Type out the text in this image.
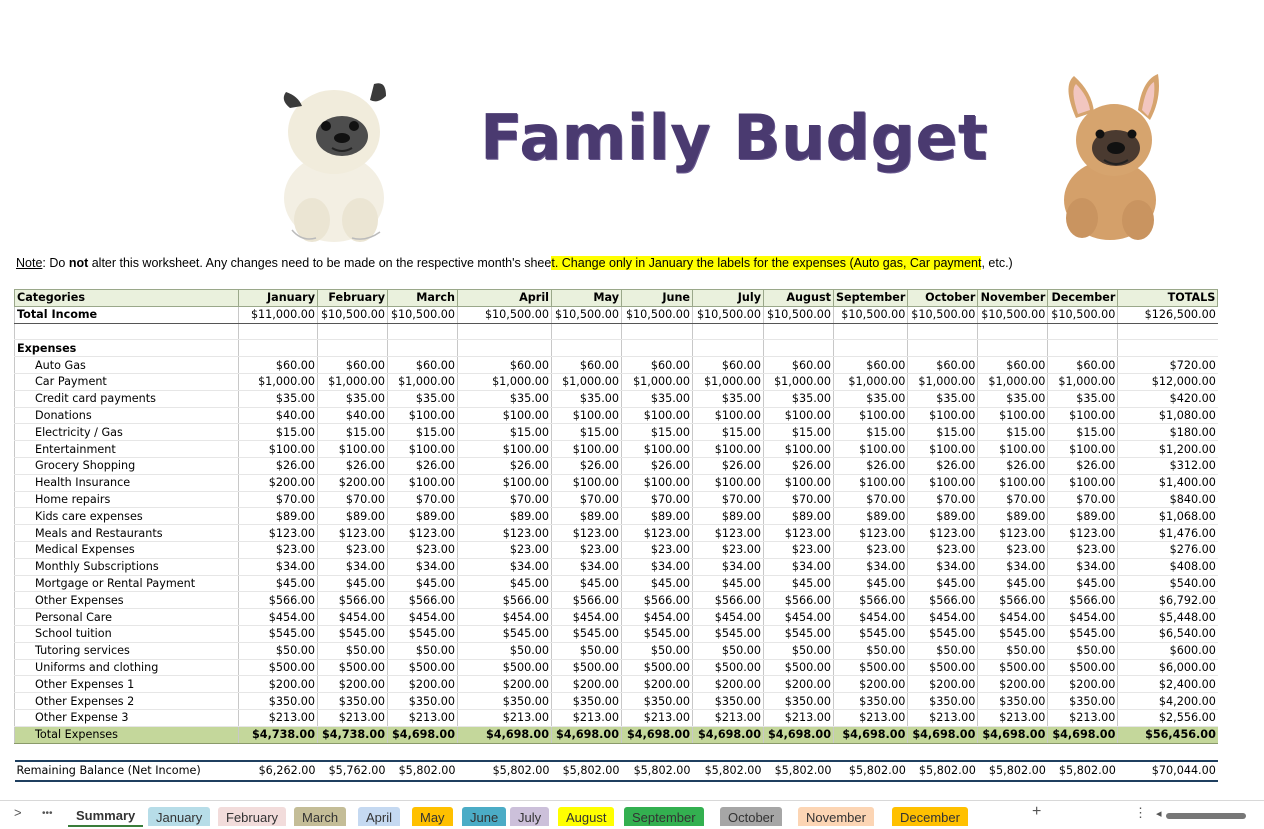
Family Budget
Note: Do not alter this worksheet. Any changes need to be made on the respective month's sheet. Change only in January the labels for the expenses (Auto gas, Car payment, etc.)
Categories	January	February	March	April	May	June	July	August	September	October	November	December	TOTALS
Total Income	$11,000.00	$10,500.00	$10,500.00	$10,500.00	$10,500.00	$10,500.00	$10,500.00	$10,500.00	$10,500.00	$10,500.00	$10,500.00	$10,500.00	$126,500.00

Expenses													
Auto Gas	$60.00	$60.00	$60.00	$60.00	$60.00	$60.00	$60.00	$60.00	$60.00	$60.00	$60.00	$60.00	$720.00
Car Payment	$1,000.00	$1,000.00	$1,000.00	$1,000.00	$1,000.00	$1,000.00	$1,000.00	$1,000.00	$1,000.00	$1,000.00	$1,000.00	$1,000.00	$12,000.00
Credit card payments	$35.00	$35.00	$35.00	$35.00	$35.00	$35.00	$35.00	$35.00	$35.00	$35.00	$35.00	$35.00	$420.00
Donations	$40.00	$40.00	$100.00	$100.00	$100.00	$100.00	$100.00	$100.00	$100.00	$100.00	$100.00	$100.00	$1,080.00
Electricity / Gas	$15.00	$15.00	$15.00	$15.00	$15.00	$15.00	$15.00	$15.00	$15.00	$15.00	$15.00	$15.00	$180.00
Entertainment	$100.00	$100.00	$100.00	$100.00	$100.00	$100.00	$100.00	$100.00	$100.00	$100.00	$100.00	$100.00	$1,200.00
Grocery Shopping	$26.00	$26.00	$26.00	$26.00	$26.00	$26.00	$26.00	$26.00	$26.00	$26.00	$26.00	$26.00	$312.00
Health Insurance	$200.00	$200.00	$100.00	$100.00	$100.00	$100.00	$100.00	$100.00	$100.00	$100.00	$100.00	$100.00	$1,400.00
Home repairs	$70.00	$70.00	$70.00	$70.00	$70.00	$70.00	$70.00	$70.00	$70.00	$70.00	$70.00	$70.00	$840.00
Kids care expenses	$89.00	$89.00	$89.00	$89.00	$89.00	$89.00	$89.00	$89.00	$89.00	$89.00	$89.00	$89.00	$1,068.00
Meals and Restaurants	$123.00	$123.00	$123.00	$123.00	$123.00	$123.00	$123.00	$123.00	$123.00	$123.00	$123.00	$123.00	$1,476.00
Medical Expenses	$23.00	$23.00	$23.00	$23.00	$23.00	$23.00	$23.00	$23.00	$23.00	$23.00	$23.00	$23.00	$276.00
Monthly Subscriptions	$34.00	$34.00	$34.00	$34.00	$34.00	$34.00	$34.00	$34.00	$34.00	$34.00	$34.00	$34.00	$408.00
Mortgage or Rental Payment	$45.00	$45.00	$45.00	$45.00	$45.00	$45.00	$45.00	$45.00	$45.00	$45.00	$45.00	$45.00	$540.00
Other Expenses	$566.00	$566.00	$566.00	$566.00	$566.00	$566.00	$566.00	$566.00	$566.00	$566.00	$566.00	$566.00	$6,792.00
Personal Care	$454.00	$454.00	$454.00	$454.00	$454.00	$454.00	$454.00	$454.00	$454.00	$454.00	$454.00	$454.00	$5,448.00
School tuition	$545.00	$545.00	$545.00	$545.00	$545.00	$545.00	$545.00	$545.00	$545.00	$545.00	$545.00	$545.00	$6,540.00
Tutoring services	$50.00	$50.00	$50.00	$50.00	$50.00	$50.00	$50.00	$50.00	$50.00	$50.00	$50.00	$50.00	$600.00
Uniforms and clothing	$500.00	$500.00	$500.00	$500.00	$500.00	$500.00	$500.00	$500.00	$500.00	$500.00	$500.00	$500.00	$6,000.00
Other Expenses 1	$200.00	$200.00	$200.00	$200.00	$200.00	$200.00	$200.00	$200.00	$200.00	$200.00	$200.00	$200.00	$2,400.00
Other Expenses 2	$350.00	$350.00	$350.00	$350.00	$350.00	$350.00	$350.00	$350.00	$350.00	$350.00	$350.00	$350.00	$4,200.00
Other Expense 3	$213.00	$213.00	$213.00	$213.00	$213.00	$213.00	$213.00	$213.00	$213.00	$213.00	$213.00	$213.00	$2,556.00
Total Expenses	$4,738.00	$4,738.00	$4,698.00	$4,698.00	$4,698.00	$4,698.00	$4,698.00	$4,698.00	$4,698.00	$4,698.00	$4,698.00	$4,698.00	$56,456.00

Remaining Balance (Net Income)	$6,262.00	$5,762.00	$5,802.00	$5,802.00	$5,802.00	$5,802.00	$5,802.00	$5,802.00	$5,802.00	$5,802.00	$5,802.00	$5,802.00	$70,044.00
> •••	Summary	January	February	March	April	May	June	July	August	September	October	November	December	+	⋮ ◂
